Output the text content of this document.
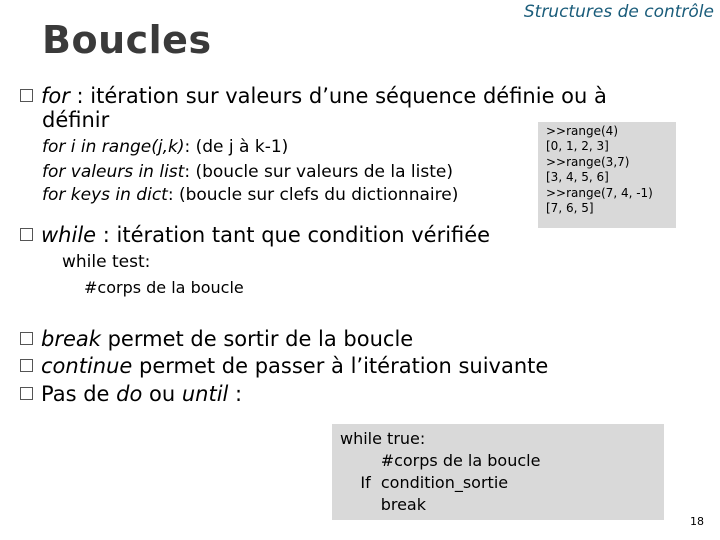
Structures de contrôle
Boucles
for : itération sur valeurs d’une séquence définie ou à
définir
for i in range(j,k): (de j à k-1)
for valeurs in list: (boucle sur valeurs de la liste)
for keys in dict: (boucle sur clefs du dictionnaire)
>>range(4)
[0, 1, 2, 3]
>>range(3,7)
[3, 4, 5, 6]
>>range(7, 4, -1)
[7, 6, 5]
while : itération tant que condition vérifiée
while test:
#corps de la boucle
break permet de sortir de la boucle
continue permet de passer à l’itération suivante
Pas de do ou until :
while true:
#corps de la boucle
If  condition_sortie
break
18
